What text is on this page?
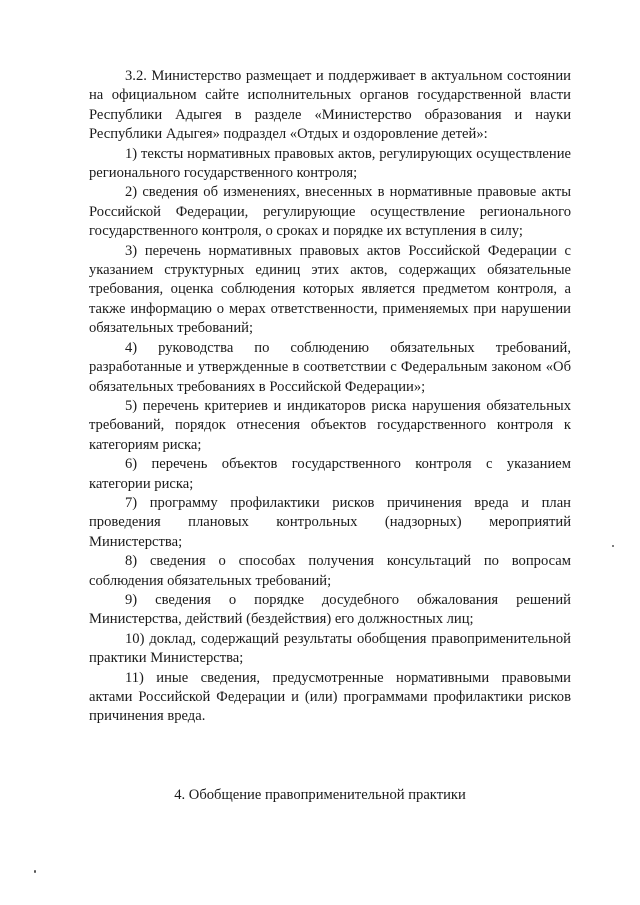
3.2. Министерство размещает и поддерживает в актуальном состоянии на официальном сайте исполнительных органов государственной власти Республики Адыгея в разделе «Министерство образования и науки Республики Адыгея» подраздел «Отдых и оздоровление детей»:

1) тексты нормативных правовых актов, регулирующих осуществление регионального государственного контроля;

2) сведения об изменениях, внесенных в нормативные правовые акты Российской Федерации, регулирующие осуществление регионального государственного контроля, о сроках и порядке их вступления в силу;

3) перечень нормативных правовых актов Российской Федерации с указанием структурных единиц этих актов, содержащих обязательные требования, оценка соблюдения которых является предметом контроля, а также информацию о мерах ответственности, применяемых при нарушении обязательных требований;

4) руководства по соблюдению обязательных требований, разработанные и утвержденные в соответствии с Федеральным законом «Об обязательных требованиях в Российской Федерации»;

5) перечень критериев и индикаторов риска нарушения обязательных требований, порядок отнесения объектов государственного контроля к категориям риска;

6) перечень объектов государственного контроля с указанием категории риска;

7) программу профилактики рисков причинения вреда и план проведения плановых контрольных (надзорных) мероприятий Министерства;

8) сведения о способах получения консультаций по вопросам соблюдения обязательных требований;

9) сведения о порядке досудебного обжалования решений Министерства, действий (бездействия) его должностных лиц;

10) доклад, содержащий результаты обобщения правоприменительной практики Министерства;

11) иные сведения, предусмотренные нормативными правовыми актами Российской Федерации и (или) программами профилактики рисков причинения вреда.

4. Обобщение правоприменительной практики
